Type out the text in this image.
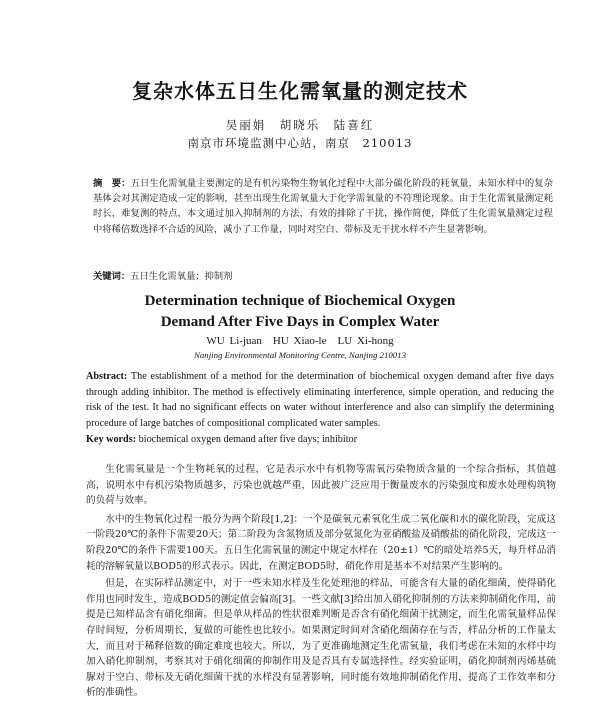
复杂水体五日生化需氧量的测定技术
吴丽娟　胡晓乐　陆喜红
南京市环境监测中心站，南京　210013
摘　要：五日生化需氧量主要测定的是有机污染物生物氧化过程中大部分碳化阶段的耗氧量，未知水样中的复杂基体会对其测定造成一定的影响，甚至出现生化需氧量大于化学需氧量的不符理论现象。由于生化需氧量测定耗时长，难复测的特点，本文通过加入抑制剂的方法，有效的排除了干扰，操作简便，降低了生化需氧量测定过程中将稀倍数选择不合适的风险，减小了工作量，同时对空白、带标及无干扰水样不产生显著影响。
关键词：五日生化需氧量；抑制剂
Determination technique of Biochemical Oxygen
Demand After Five Days in Complex Water
WU Li-juan　HU Xiao-le　LU Xi-hong
Nanjing Environmental Monitoring Centre, Nanjing 210013
Abstract: The establishment of a method for the determination of biochemical oxygen demand after five days through adding inhibitor. The method is effectively eliminating interference, simple operation, and reducing the risk of the test. It had no significant effects on water without interference and also can simplify the determining procedure of large batches of compositional complicated water samples.
Key words: biochemical oxygen demand after five days; inhibitor

生化需氧量是一个生物耗氧的过程，它是表示水中有机物等需氧污染物质含量的一个综合指标，其值越高，说明水中有机污染物质越多，污染也就越严重，因此被广泛应用于衡量废水的污染强度和废水处理构筑物的负荷与效率。

水中的生物氧化过程一般分为两个阶段[1,2]：一个是碳氧元素氧化生成二氧化碳和水的碳化阶段，完成这一阶段20℃的条件下需要20天；第二阶段为含氮物质及部分氨氮化为亚硝酸盐及硝酸盐的硝化阶段，完成这一阶段20℃的条件下需要100天。五日生化需氧量的测定中规定水样在（20±1）℃的暗处培养5天，每升样品消耗的溶解氧量以BOD5的形式表示。因此，在测定BOD5时，硝化作用是基本不对结果产生影响的。

但是，在实际样品测定中，对于一些未知水样及生化处理池的样品，可能含有大量的硝化细菌，使得硝化作用也同时发生，造成BOD5的测定值会偏高[3]。一些文献[3]给出加入硝化抑制剂的方法来抑制硝化作用，前提是已知样品含有硝化细菌。但是单从样品的性状很难判断是否含有硝化细菌干扰测定，而生化需氧量样品保存时间短，分析周期长，复做的可能性也比较小。如果测定时间对含硝化细菌存在与否，样品分析的工作量太大，而且对于稀释倍数的确定难度也较大。所以，为了更准确地测定生化需氧量，我们考虑在未知的水样中均加入硝化抑制剂，考察其对于硝化细菌的抑制作用及是否具有专属选择性。经实验证明，硝化抑制剂丙烯基硫脲对于空白、带标及无硝化细菌干扰的水样没有显著影响，同时能有效地抑制硝化作用，提高了工作效率和分析的准确性。
